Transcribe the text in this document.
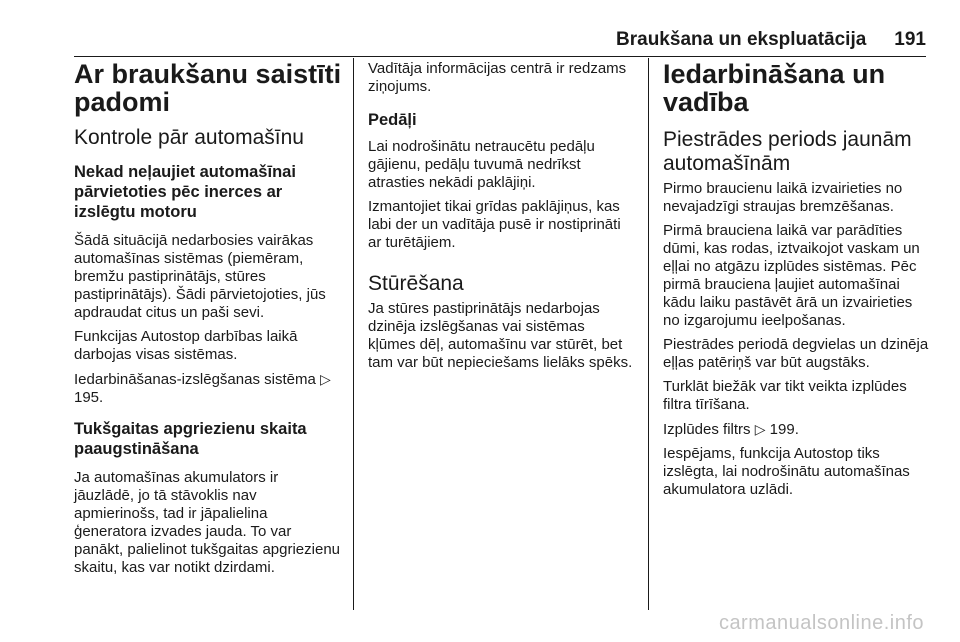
Braukšana un ekspluatācija 191
Ar braukšanu saistīti padomi
Kontrole pār automašīnu
Nekad neļaujiet automašīnai pārvietoties pēc inerces ar izslēgtu motoru

Šādā situācijā nedarbosies vairākas automašīnas sistēmas (piemēram, bremžu pastiprinātājs, stūres pastiprinātājs). Šādi pārvietojoties, jūs apdraudat citus un paši sevi.

Funkcijas Autostop darbības laikā darbojas visas sistēmas.

Iedarbināšanas-izslēgšanas sistēma ▷ 195.

Tukšgaitas apgriezienu skaita paaugstināšana

Ja automašīnas akumulators ir jāuzlādē, jo tā stāvoklis nav apmierinošs, tad ir jāpalielina ģeneratora izvades jauda. To var panākt, palielinot tukšgaitas apgriezienu skaitu, kas var notikt dzirdami.

Vadītāja informācijas centrā ir redzams ziņojums.

Pedāļi

Lai nodrošinātu netraucētu pedāļu gājienu, pedāļu tuvumā nedrīkst atrasties nekādi paklājiņi.

Izmantojiet tikai grīdas paklājiņus, kas labi der un vadītāja pusē ir nostiprināti ar turētājiem.

Stūrēšana

Ja stūres pastiprinātājs nedarbojas dzinēja izslēgšanas vai sistēmas kļūmes dēļ, automašīnu var stūrēt, bet tam var būt nepieciešams lielāks spēks.

Iedarbināšana un vadība
Piestrādes periods jaunām automašīnām

Pirmo braucienu laikā izvairieties no nevajadzīgi straujas bremzēšanas.

Pirmā brauciena laikā var parādīties dūmi, kas rodas, iztvaikojot vaskam un eļļai no atgāzu izplūdes sistēmas. Pēc pirmā brauciena ļaujiet automašīnai kādu laiku pastāvēt ārā un izvairieties no izgarojumu ieelpošanas.

Piestrādes periodā degvielas un dzinēja eļļas patēriņš var būt augstāks.

Turklāt biežāk var tikt veikta izplūdes filtra tīrīšana.

Izplūdes filtrs ▷ 199.

Iespējams, funkcija Autostop tiks izslēgta, lai nodrošinātu automašīnas akumulatora uzlādi.

carmanualsonline.info
